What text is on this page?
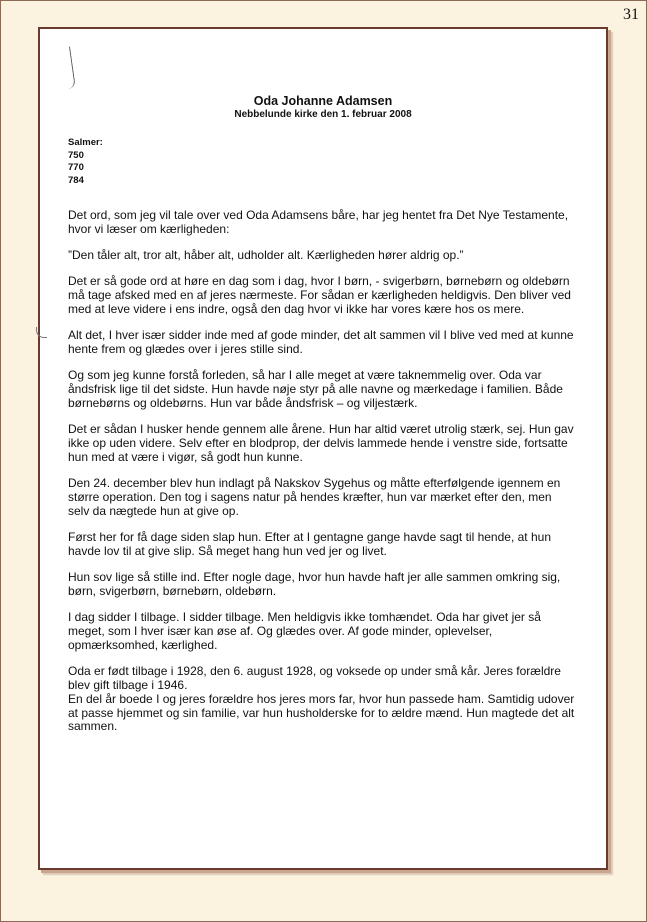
31
Oda Johanne Adamsen
Nebbelunde kirke den 1. februar 2008
Salmer:
750
770
784

Det ord, som jeg vil tale over ved Oda Adamsens båre, har jeg hentet fra Det Nye Testamente, hvor vi læser om kærligheden:

”Den tåler alt, tror alt, håber alt, udholder alt. Kærligheden hører aldrig op.”

Det er så gode ord at høre en dag som i dag, hvor I børn, - svigerbørn, børnebørn og oldebørn må tage afsked med en af jeres nærmeste. For sådan er kærligheden heldigvis. Den bliver ved med at leve videre i ens indre, også den dag hvor vi ikke har vores kære hos os mere.

Alt det, I hver især sidder inde med af gode minder, det alt sammen vil I blive ved med at kunne hente frem og glædes over i jeres stille sind.

Og som jeg kunne forstå forleden, så har I alle meget at være taknemmelig over. Oda var åndsfrisk lige til det sidste. Hun havde nøje styr på alle navne og mærkedage i familien. Både børnebørns og oldebørns. Hun var både åndsfrisk – og viljestærk.

Det er sådan I husker hende gennem alle årene. Hun har altid været utrolig stærk, sej. Hun gav ikke op uden videre. Selv efter en blodprop, der delvis lammede hende i venstre side, fortsatte hun med at være i vigør, så godt hun kunne.

Den 24. december blev hun indlagt på Nakskov Sygehus og måtte efterfølgende igennem en større operation. Den tog i sagens natur på hendes kræfter, hun var mærket efter den, men selv da nægtede hun at give op.

Først her for få dage siden slap hun. Efter at I gentagne gange havde sagt til hende, at hun havde lov til at give slip. Så meget hang hun ved jer og livet.

Hun sov lige så stille ind. Efter nogle dage, hvor hun havde haft jer alle sammen omkring sig, børn, svigerbørn, børnebørn, oldebørn.

I dag sidder I tilbage. I sidder tilbage. Men heldigvis ikke tomhændet. Oda har givet jer så meget, som I hver især kan øse af. Og glædes over. Af gode minder, oplevelser, opmærksomhed, kærlighed.

Oda er født tilbage i 1928, den 6. august 1928, og voksede op under små kår. Jeres forældre blev gift tilbage i 1946.

En del år boede I og jeres forældre hos jeres mors far, hvor hun passede ham. Samtidig udover at passe hjemmet og sin familie, var hun husholderske for to ældre mænd. Hun magtede det alt sammen.
